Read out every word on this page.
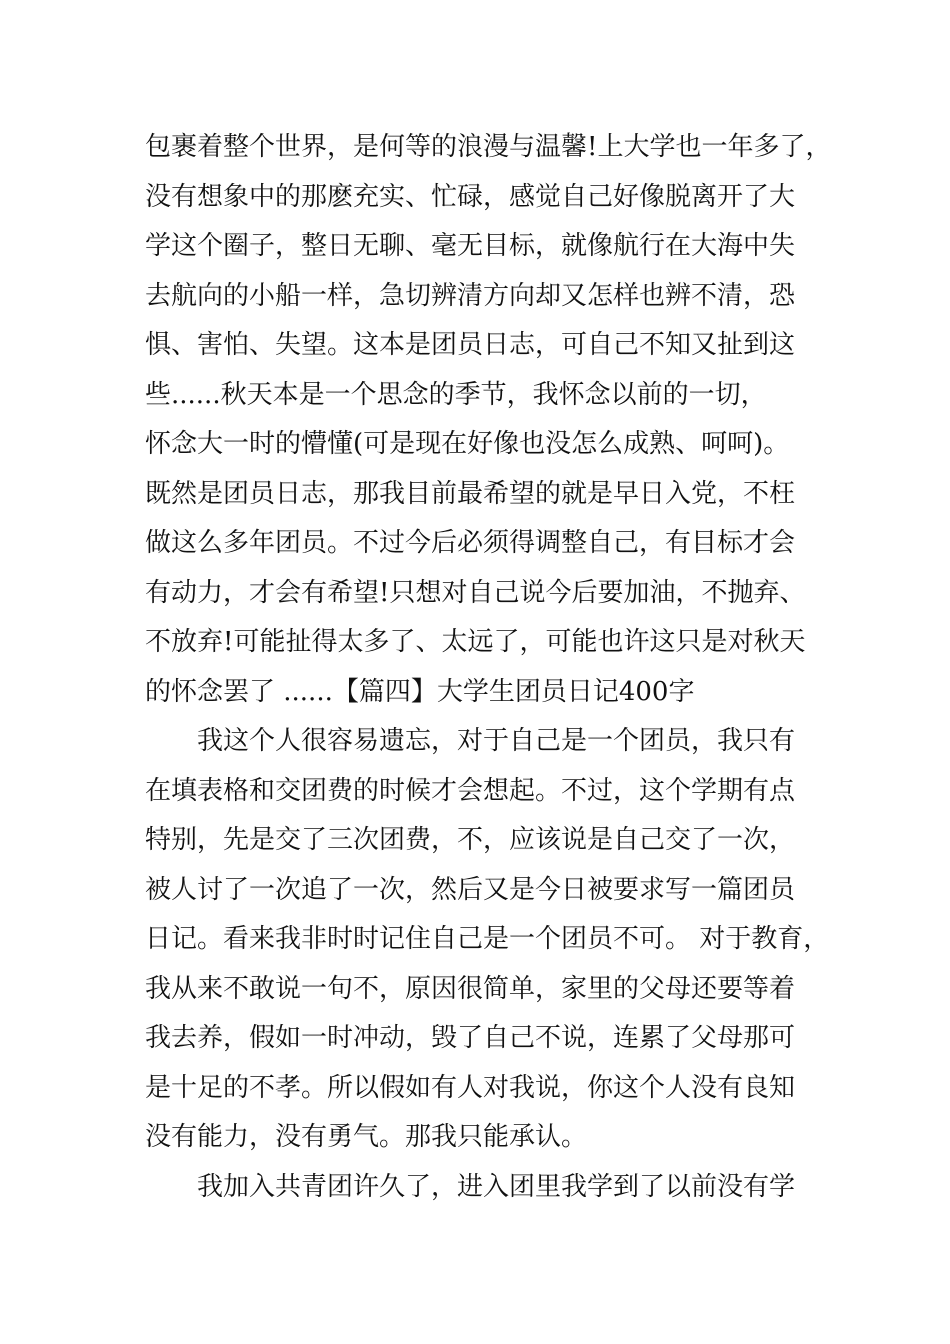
包裹着整个世界，是何等的浪漫与温馨!上大学也一年多了，
没有想象中的那麽充实、忙碌，感觉自己好像脱离开了大
学这个圈子，整日无聊、毫无目标，就像航行在大海中失
去航向的小船一样，急切辨清方向却又怎样也辨不清，恐
惧、害怕、失望。这本是团员日志，可自己不知又扯到这
些......秋天本是一个思念的季节，我怀念以前的一切，
怀念大一时的懵懂(可是现在好像也没怎么成熟、呵呵)。
既然是团员日志，那我目前最希望的就是早日入党，不枉
做这么多年团员。不过今后必须得调整自己，有目标才会
有动力，才会有希望!只想对自己说今后要加油，不抛弃、
不放弃!可能扯得太多了、太远了，可能也许这只是对秋天
的怀念罢了 ......【篇四】大学生团员日记400字
我这个人很容易遗忘，对于自己是一个团员，我只有
在填表格和交团费的时候才会想起。不过，这个学期有点
特别，先是交了三次团费，不，应该说是自己交了一次，
被人讨了一次追了一次，然后又是今日被要求写一篇团员
日记。看来我非时时记住自己是一个团员不可。 对于教育，
我从来不敢说一句不，原因很简单，家里的父母还要等着
我去养，假如一时冲动，毁了自己不说，连累了父母那可
是十足的不孝。所以假如有人对我说，你这个人没有良知
没有能力，没有勇气。那我只能承认。
我加入共青团许久了，进入团里我学到了以前没有学
